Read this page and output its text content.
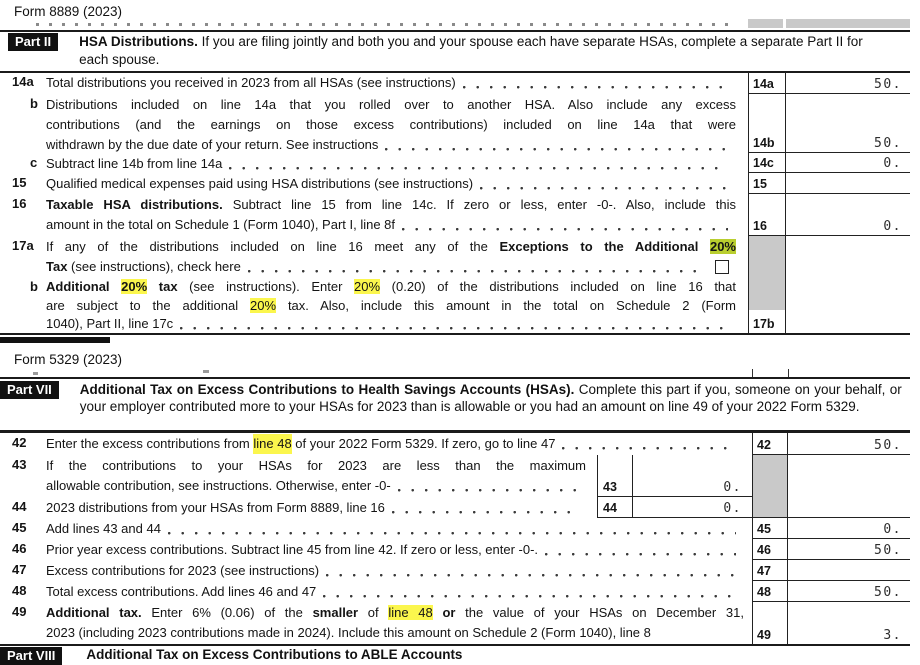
Form 8889 (2023)
Part II	HSA Distributions. If you are filing jointly and both you and your spouse each have separate HSAs, complete a separate Part II for each spouse.
14a Total distributions you received in 2023 from all HSAs (see instructions)	14a	50.
b Distributions included on line 14a that you rolled over to another HSA. Also include any excess
contributions (and the earnings on those excess contributions) included on line 14a that were
withdrawn by the due date of your return. See instructions	14b	50.
c Subtract line 14b from line 14a	14c	0.
15	Qualified medical expenses paid using HSA distributions (see instructions)	15
16	Taxable HSA distributions. Subtract line 15 from line 14c. If zero or less, enter -0-. Also, include this
amount in the total on Schedule 1 (Form 1040), Part I, line 8f	16	0.
17a If any of the distributions included on line 16 meet any of the Exceptions to the Additional 20%
Tax (see instructions), check here
b Additional 20% tax (see instructions). Enter 20% (0.20) of the distributions included on line 16 that
are subject to the additional 20% tax. Also, include this amount in the total on Schedule 2 (Form
1040), Part II, line 17c	17b
Form 5329 (2023)
Part VII	Additional Tax on Excess Contributions to Health Savings Accounts (HSAs). Complete this part if you, someone on your behalf, or your employer contributed more to your HSAs for 2023 than is allowable or you had an amount on line 49 of your 2022 Form 5329.
42	Enter the excess contributions from line 48 of your 2022 Form 5329. If zero, go to line 47	42	50.
43	If the contributions to your HSAs for 2023 are less than the maximum
allowable contribution, see instructions. Otherwise, enter -0-	43	0.
44	2023 distributions from your HSAs from Form 8889, line 16	44	0.
45	Add lines 43 and 44	45	0.
46	Prior year excess contributions. Subtract line 45 from line 42. If zero or less, enter -0-.	46	50.
47	Excess contributions for 2023 (see instructions)	47
48	Total excess contributions. Add lines 46 and 47	48	50.
49	Additional tax. Enter 6% (0.06) of the smaller of line 48 or the value of your HSAs on December 31,
2023 (including 2023 contributions made in 2024). Include this amount on Schedule 2 (Form 1040), line 8	49	3.
Part VIII	Additional Tax on Excess Contributions to ABLE Accounts
